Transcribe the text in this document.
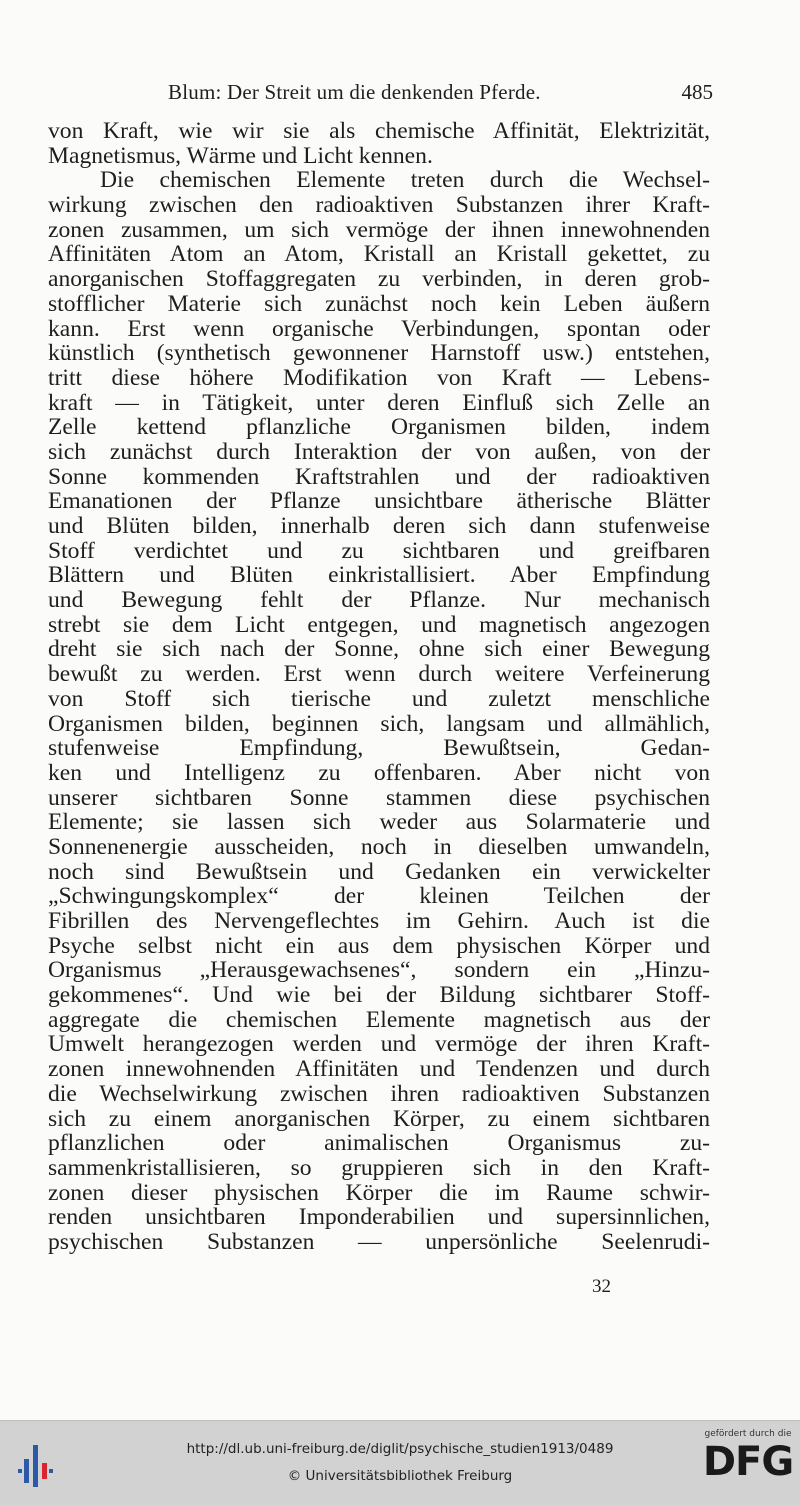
Blum: Der Streit um die denkenden Pferde.	485
von Kraft, wie wir sie als chemische Affinität, Elektrizität,
Magnetismus, Wärme und Licht kennen.
Die chemischen Elemente treten durch die Wechsel-
wirkung zwischen den radioaktiven Substanzen ihrer Kraft-
zonen zusammen, um sich vermöge der ihnen innewohnenden
Affinitäten Atom an Atom, Kristall an Kristall gekettet, zu
anorganischen Stoffaggregaten zu verbinden, in deren grob-
stofflicher Materie sich zunächst noch kein Leben äußern
kann. Erst wenn organische Verbindungen, spontan oder
künstlich (synthetisch gewonnener Harnstoff usw.) entstehen,
tritt diese höhere Modifikation von Kraft — Lebens-
kraft — in Tätigkeit, unter deren Einfluß sich Zelle an
Zelle kettend pflanzliche Organismen bilden, indem
sich zunächst durch Interaktion der von außen, von der
Sonne kommenden Kraftstrahlen und der radioaktiven
Emanationen der Pflanze unsichtbare ätherische Blätter
und Blüten bilden, innerhalb deren sich dann stufenweise
Stoff verdichtet und zu sichtbaren und greifbaren
Blättern und Blüten einkristallisiert. Aber Empfindung
und Bewegung fehlt der Pflanze. Nur mechanisch
strebt sie dem Licht entgegen, und magnetisch angezogen
dreht sie sich nach der Sonne, ohne sich einer Bewegung
bewußt zu werden. Erst wenn durch weitere Verfeinerung
von Stoff sich tierische und zuletzt menschliche
Organismen bilden, beginnen sich, langsam und allmählich,
stufenweise Empfindung, Bewußtsein, Gedan-
ken und Intelligenz zu offenbaren. Aber nicht von
unserer sichtbaren Sonne stammen diese psychischen
Elemente; sie lassen sich weder aus Solarmaterie und
Sonnenenergie ausscheiden, noch in dieselben umwandeln,
noch sind Bewußtsein und Gedanken ein verwickelter
„Schwingungskomplex“ der kleinen Teilchen der
Fibrillen des Nervengeflechtes im Gehirn. Auch ist die
Psyche selbst nicht ein aus dem physischen Körper und
Organismus „Herausgewachsenes“, sondern ein „Hinzu-
gekommenes“. Und wie bei der Bildung sichtbarer Stoff-
aggregate die chemischen Elemente magnetisch aus der
Umwelt herangezogen werden und vermöge der ihren Kraft-
zonen innewohnenden Affinitäten und Tendenzen und durch
die Wechselwirkung zwischen ihren radioaktiven Substanzen
sich zu einem anorganischen Körper, zu einem sichtbaren
pflanzlichen oder animalischen Organismus zu-
sammenkristallisieren, so gruppieren sich in den Kraft-
zonen dieser physischen Körper die im Raume schwir-
renden unsichtbaren Imponderabilien und supersinnlichen,
psychischen Substanzen — unpersönliche Seelenrudi-
32
http://dl.ub.uni-freiburg.de/diglit/psychische_studien1913/0489
© Universitätsbibliothek Freiburg
gefördert durch die
DFG
